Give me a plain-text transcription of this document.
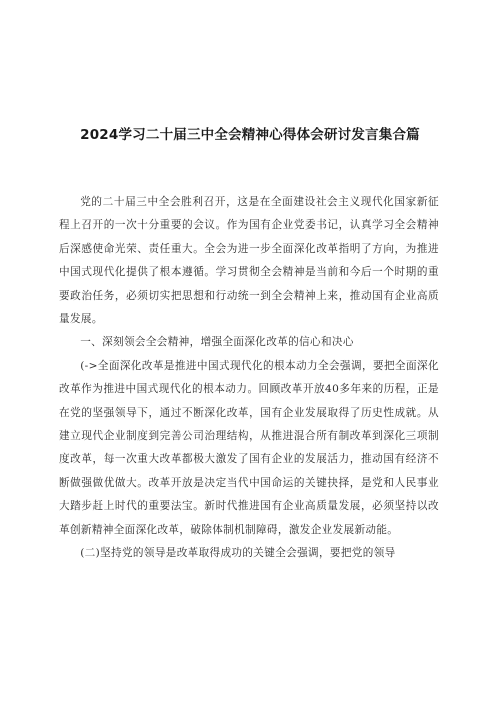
2024学习二十届三中全会精神心得体会研讨发言集合篇

党的二十届三中全会胜利召开，这是在全面建设社会主义现代化国家新征程上召开的一次十分重要的会议。作为国有企业党委书记，认真学习全会精神后深感使命光荣、责任重大。全会为进一步全面深化改革指明了方向，为推进中国式现代化提供了根本遵循。学习贯彻全会精神是当前和今后一个时期的重要政治任务，必须切实把思想和行动统一到全会精神上来，推动国有企业高质量发展。

一、深刻领会全会精神，增强全面深化改革的信心和决心

(->全面深化改革是推进中国式现代化的根本动力全会强调，要把全面深化改革作为推进中国式现代化的根本动力。回顾改革开放40多年来的历程，正是在党的坚强领导下，通过不断深化改革，国有企业发展取得了历史性成就。从建立现代企业制度到完善公司治理结构，从推进混合所有制改革到深化三项制度改革，每一次重大改革都极大激发了国有企业的发展活力，推动国有经济不断做强做优做大。改革开放是决定当代中国命运的关键抉择，是党和人民事业大踏步赶上时代的重要法宝。新时代推进国有企业高质量发展，必须坚持以改革创新精神全面深化改革，破除体制机制障碍，激发企业发展新动能。

(二)坚持党的领导是改革取得成功的关键全会强调，要把党的领导
